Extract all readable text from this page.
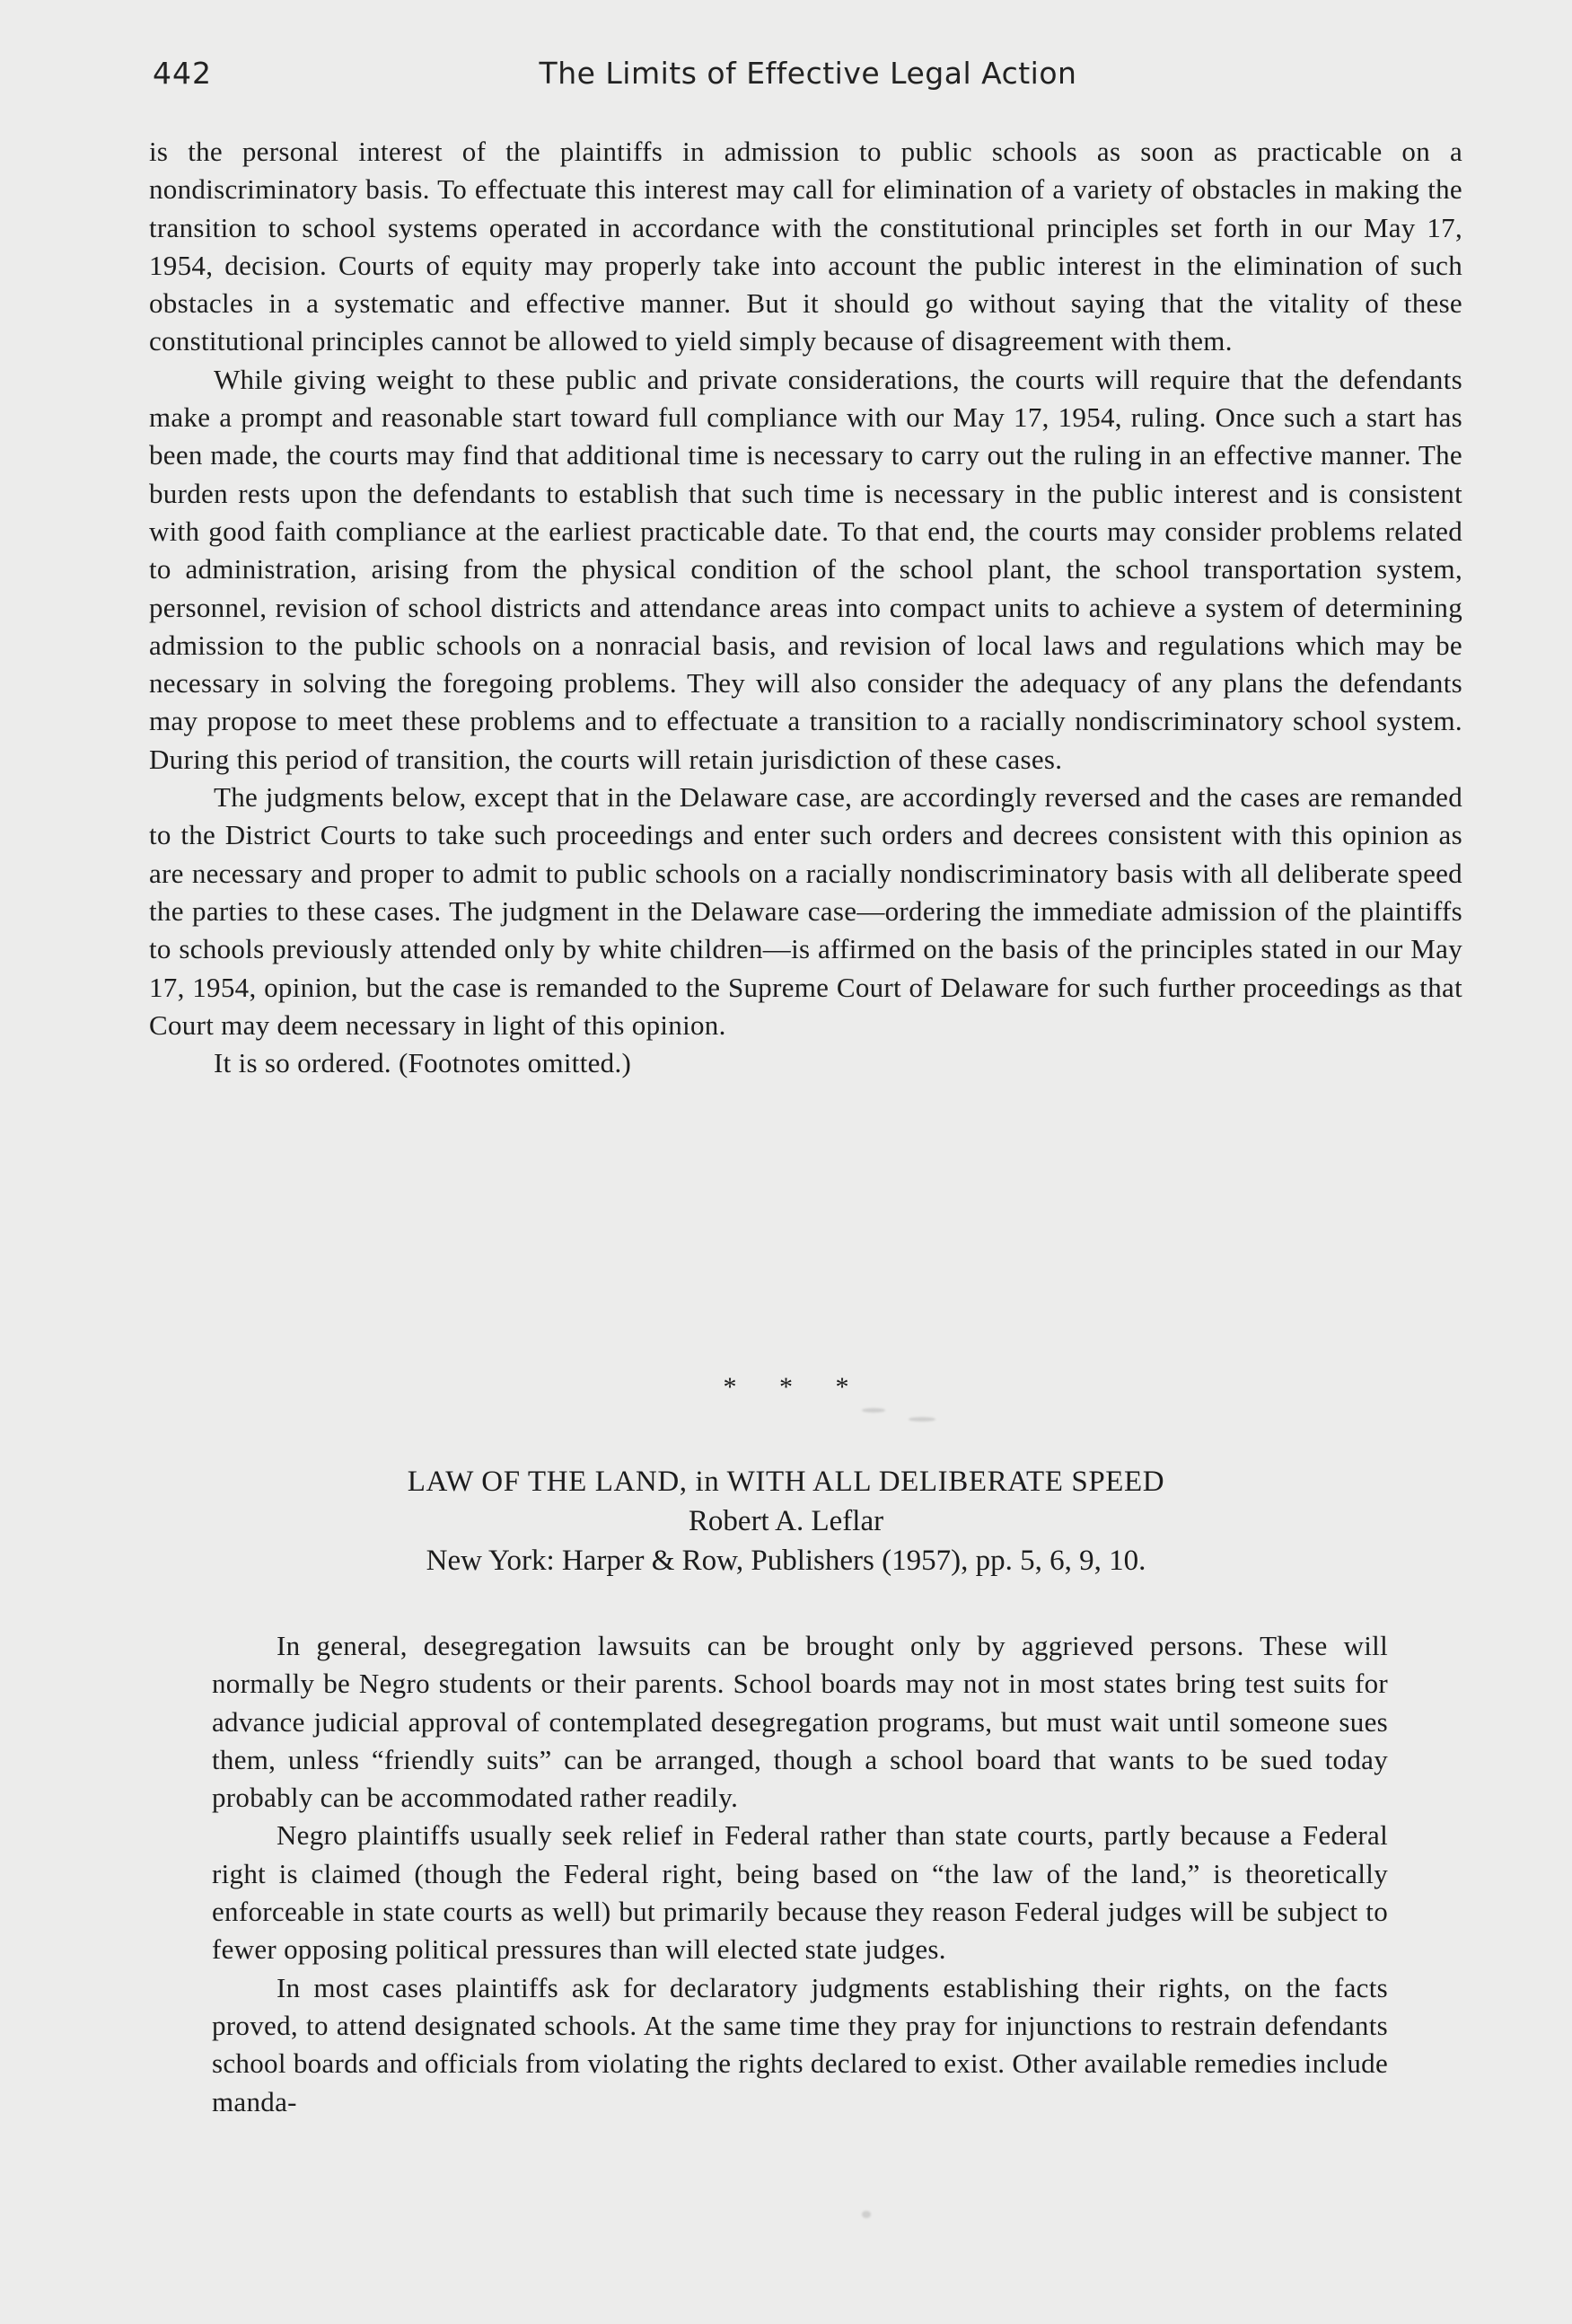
442	The Limits of Effective Legal Action

is the personal interest of the plaintiffs in admission to public schools as soon as practicable on a nondiscriminatory basis. To effectuate this interest may call for elimination of a variety of obstacles in making the transition to school systems operated in accordance with the constitutional principles set forth in our May 17, 1954, decision. Courts of equity may properly take into account the public interest in the elimination of such obstacles in a systematic and effective manner. But it should go without saying that the vitality of these constitutional principles cannot be allowed to yield simply because of disagreement with them.

While giving weight to these public and private considerations, the courts will require that the defendants make a prompt and reasonable start toward full compliance with our May 17, 1954, ruling. Once such a start has been made, the courts may find that additional time is necessary to carry out the ruling in an effective manner. The burden rests upon the defendants to establish that such time is necessary in the public interest and is consistent with good faith compliance at the earliest practicable date. To that end, the courts may consider problems related to administration, arising from the physical condition of the school plant, the school transportation system, personnel, revision of school districts and attendance areas into compact units to achieve a system of determining admission to the public schools on a nonracial basis, and revision of local laws and regulations which may be necessary in solving the foregoing problems. They will also consider the adequacy of any plans the defendants may propose to meet these problems and to effectuate a transition to a racially nondiscriminatory school system. During this period of transition, the courts will retain jurisdiction of these cases.

The judgments below, except that in the Delaware case, are accordingly reversed and the cases are remanded to the District Courts to take such proceedings and enter such orders and decrees consistent with this opinion as are necessary and proper to admit to public schools on a racially nondiscriminatory basis with all deliberate speed the parties to these cases. The judgment in the Delaware case—ordering the immediate admission of the plaintiffs to schools previously attended only by white children—is affirmed on the basis of the principles stated in our May 17, 1954, opinion, but the case is remanded to the Supreme Court of Delaware for such further proceedings as that Court may deem necessary in light of this opinion.

It is so ordered. (Footnotes omitted.)

* * *
LAW OF THE LAND, in WITH ALL DELIBERATE SPEED
Robert A. Leflar
New York: Harper & Row, Publishers (1957), pp. 5, 6, 9, 10.

In general, desegregation lawsuits can be brought only by aggrieved persons. These will normally be Negro students or their parents. School boards may not in most states bring test suits for advance judicial approval of contemplated desegregation programs, but must wait until someone sues them, unless “friendly suits” can be arranged, though a school board that wants to be sued today probably can be accommodated rather readily.

Negro plaintiffs usually seek relief in Federal rather than state courts, partly because a Federal right is claimed (though the Federal right, being based on “the law of the land,” is theoretically enforceable in state courts as well) but primarily because they reason Federal judges will be subject to fewer opposing political pressures than will elected state judges.

In most cases plaintiffs ask for declaratory judgments establishing their rights, on the facts proved, to attend designated schools. At the same time they pray for injunctions to restrain defendants school boards and officials from violating the rights declared to exist. Other available remedies include manda-
